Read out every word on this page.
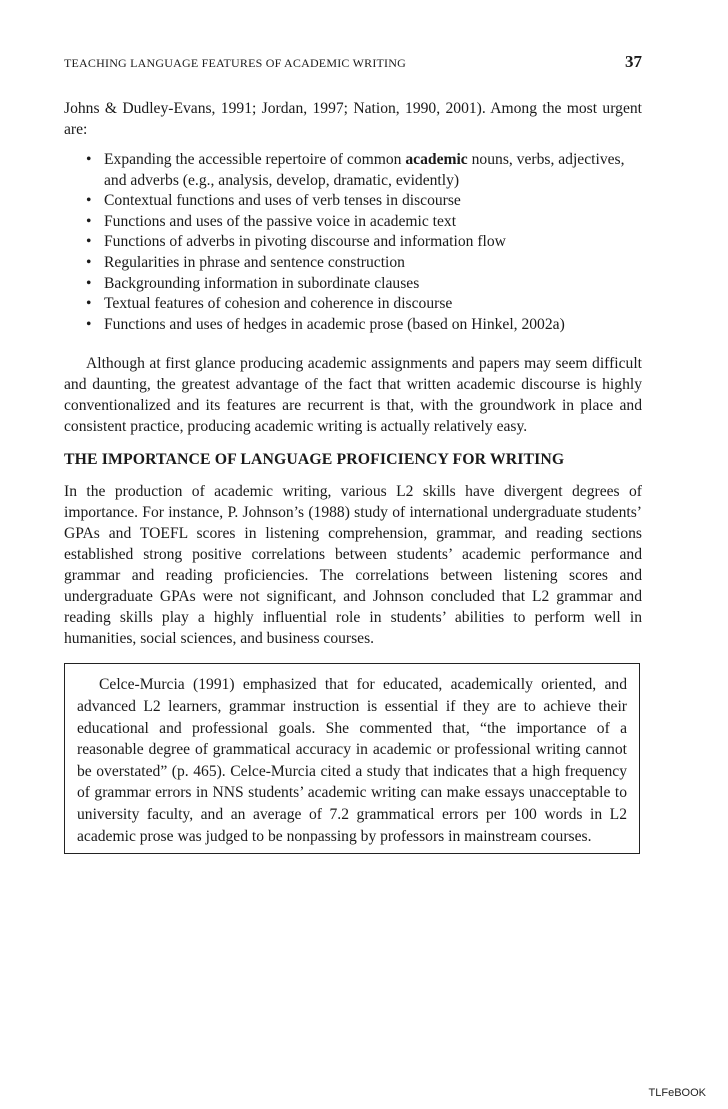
TEACHING LANGUAGE FEATURES OF ACADEMIC WRITING	37

Johns & Dudley-Evans, 1991; Jordan, 1997; Nation, 1990, 2001). Among the most urgent are:

• Expanding the accessible repertoire of common academic nouns, verbs, adjectives, and adverbs (e.g., analysis, develop, dramatic, evidently)
• Contextual functions and uses of verb tenses in discourse
• Functions and uses of the passive voice in academic text
• Functions of adverbs in pivoting discourse and information flow
• Regularities in phrase and sentence construction
• Backgrounding information in subordinate clauses
• Textual features of cohesion and coherence in discourse
• Functions and uses of hedges in academic prose (based on Hinkel, 2002a)

Although at first glance producing academic assignments and papers may seem difficult and daunting, the greatest advantage of the fact that written academic discourse is highly conventionalized and its features are recurrent is that, with the groundwork in place and consistent practice, producing academic writing is actually relatively easy.

THE IMPORTANCE OF LANGUAGE PROFICIENCY FOR WRITING

In the production of academic writing, various L2 skills have divergent degrees of importance. For instance, P. Johnson’s (1988) study of international undergraduate students’ GPAs and TOEFL scores in listening comprehension, grammar, and reading sections established strong positive correlations between students’ academic performance and grammar and reading proficiencies. The correlations between listening scores and undergraduate GPAs were not significant, and Johnson concluded that L2 grammar and reading skills play a highly influential role in students’ abilities to perform well in humanities, social sciences, and business courses.

Celce-Murcia (1991) emphasized that for educated, academically oriented, and advanced L2 learners, grammar instruction is essential if they are to achieve their educational and professional goals. She commented that, “the importance of a reasonable degree of grammatical accuracy in academic or professional writing cannot be overstated” (p. 465). Celce-Murcia cited a study that indicates that a high frequency of grammar errors in NNS students’ academic writing can make essays unacceptable to university faculty, and an average of 7.2 grammatical errors per 100 words in L2 academic prose was judged to be nonpassing by professors in mainstream courses.

TLFeBOOK
